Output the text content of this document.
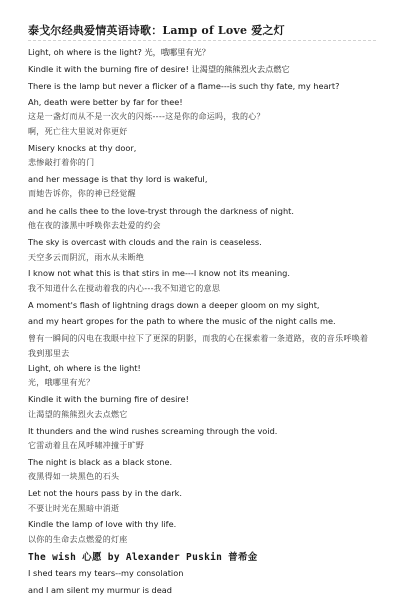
泰戈尔经典爱情英语诗歌：Lamp of Love 爱之灯
Light, oh where is the light? 光，哦哪里有光？
Kindle it with the burning fire of desire! 让渴望的熊熊烈火去点燃它
There is the lamp but never a flicker of a flame---is such thy fate, my heart?
Ah, death were better by far for thee!
这是一盏灯而从不是一次火的闪烁----这是你的命运吗，我的心？
啊，死亡往大里说对你更好
Misery knocks at thy door,
悲惨敲打着你的门
and her message is that thy lord is wakeful,
而她告诉你，你的神已经觉醒
and he calls thee to the love-tryst through the darkness of night.
他在夜的漆黑中呼唤你去赴爱的约会
The sky is overcast with clouds and the rain is ceaseless.
天空多云而阴沉，雨水从未断绝
I know not what this is that stirs in me---I know not its meaning.
我不知道什么在搅动着我的内心---我不知道它的意思
A moment's flash of lightning drags down a deeper gloom on my sight,
and my heart gropes for the path to where the music of the night calls me.
曾有一瞬间的闪电在我眼中拉下了更深的阴影，而我的心在探索着一条道路，夜的音乐呼唤着我到那里去
Light, oh where is the light!
光，哦哪里有光？
Kindle it with the burning fire of desire!
让渴望的熊熊烈火去点燃它
It thunders and the wind rushes screaming through the void.
它雷动着且在风呼啸冲撞于旷野
The night is black as a black stone.
夜黑得如一块黑色的石头
Let not the hours pass by in the dark.
不要让时光在黑暗中消逝
Kindle the lamp of love with thy life.
以你的生命去点燃爱的灯座
The wish 心愿 by Alexander Puskin 普希金
I shed tears my tears--my consolation
and I am silent my murmur is dead
